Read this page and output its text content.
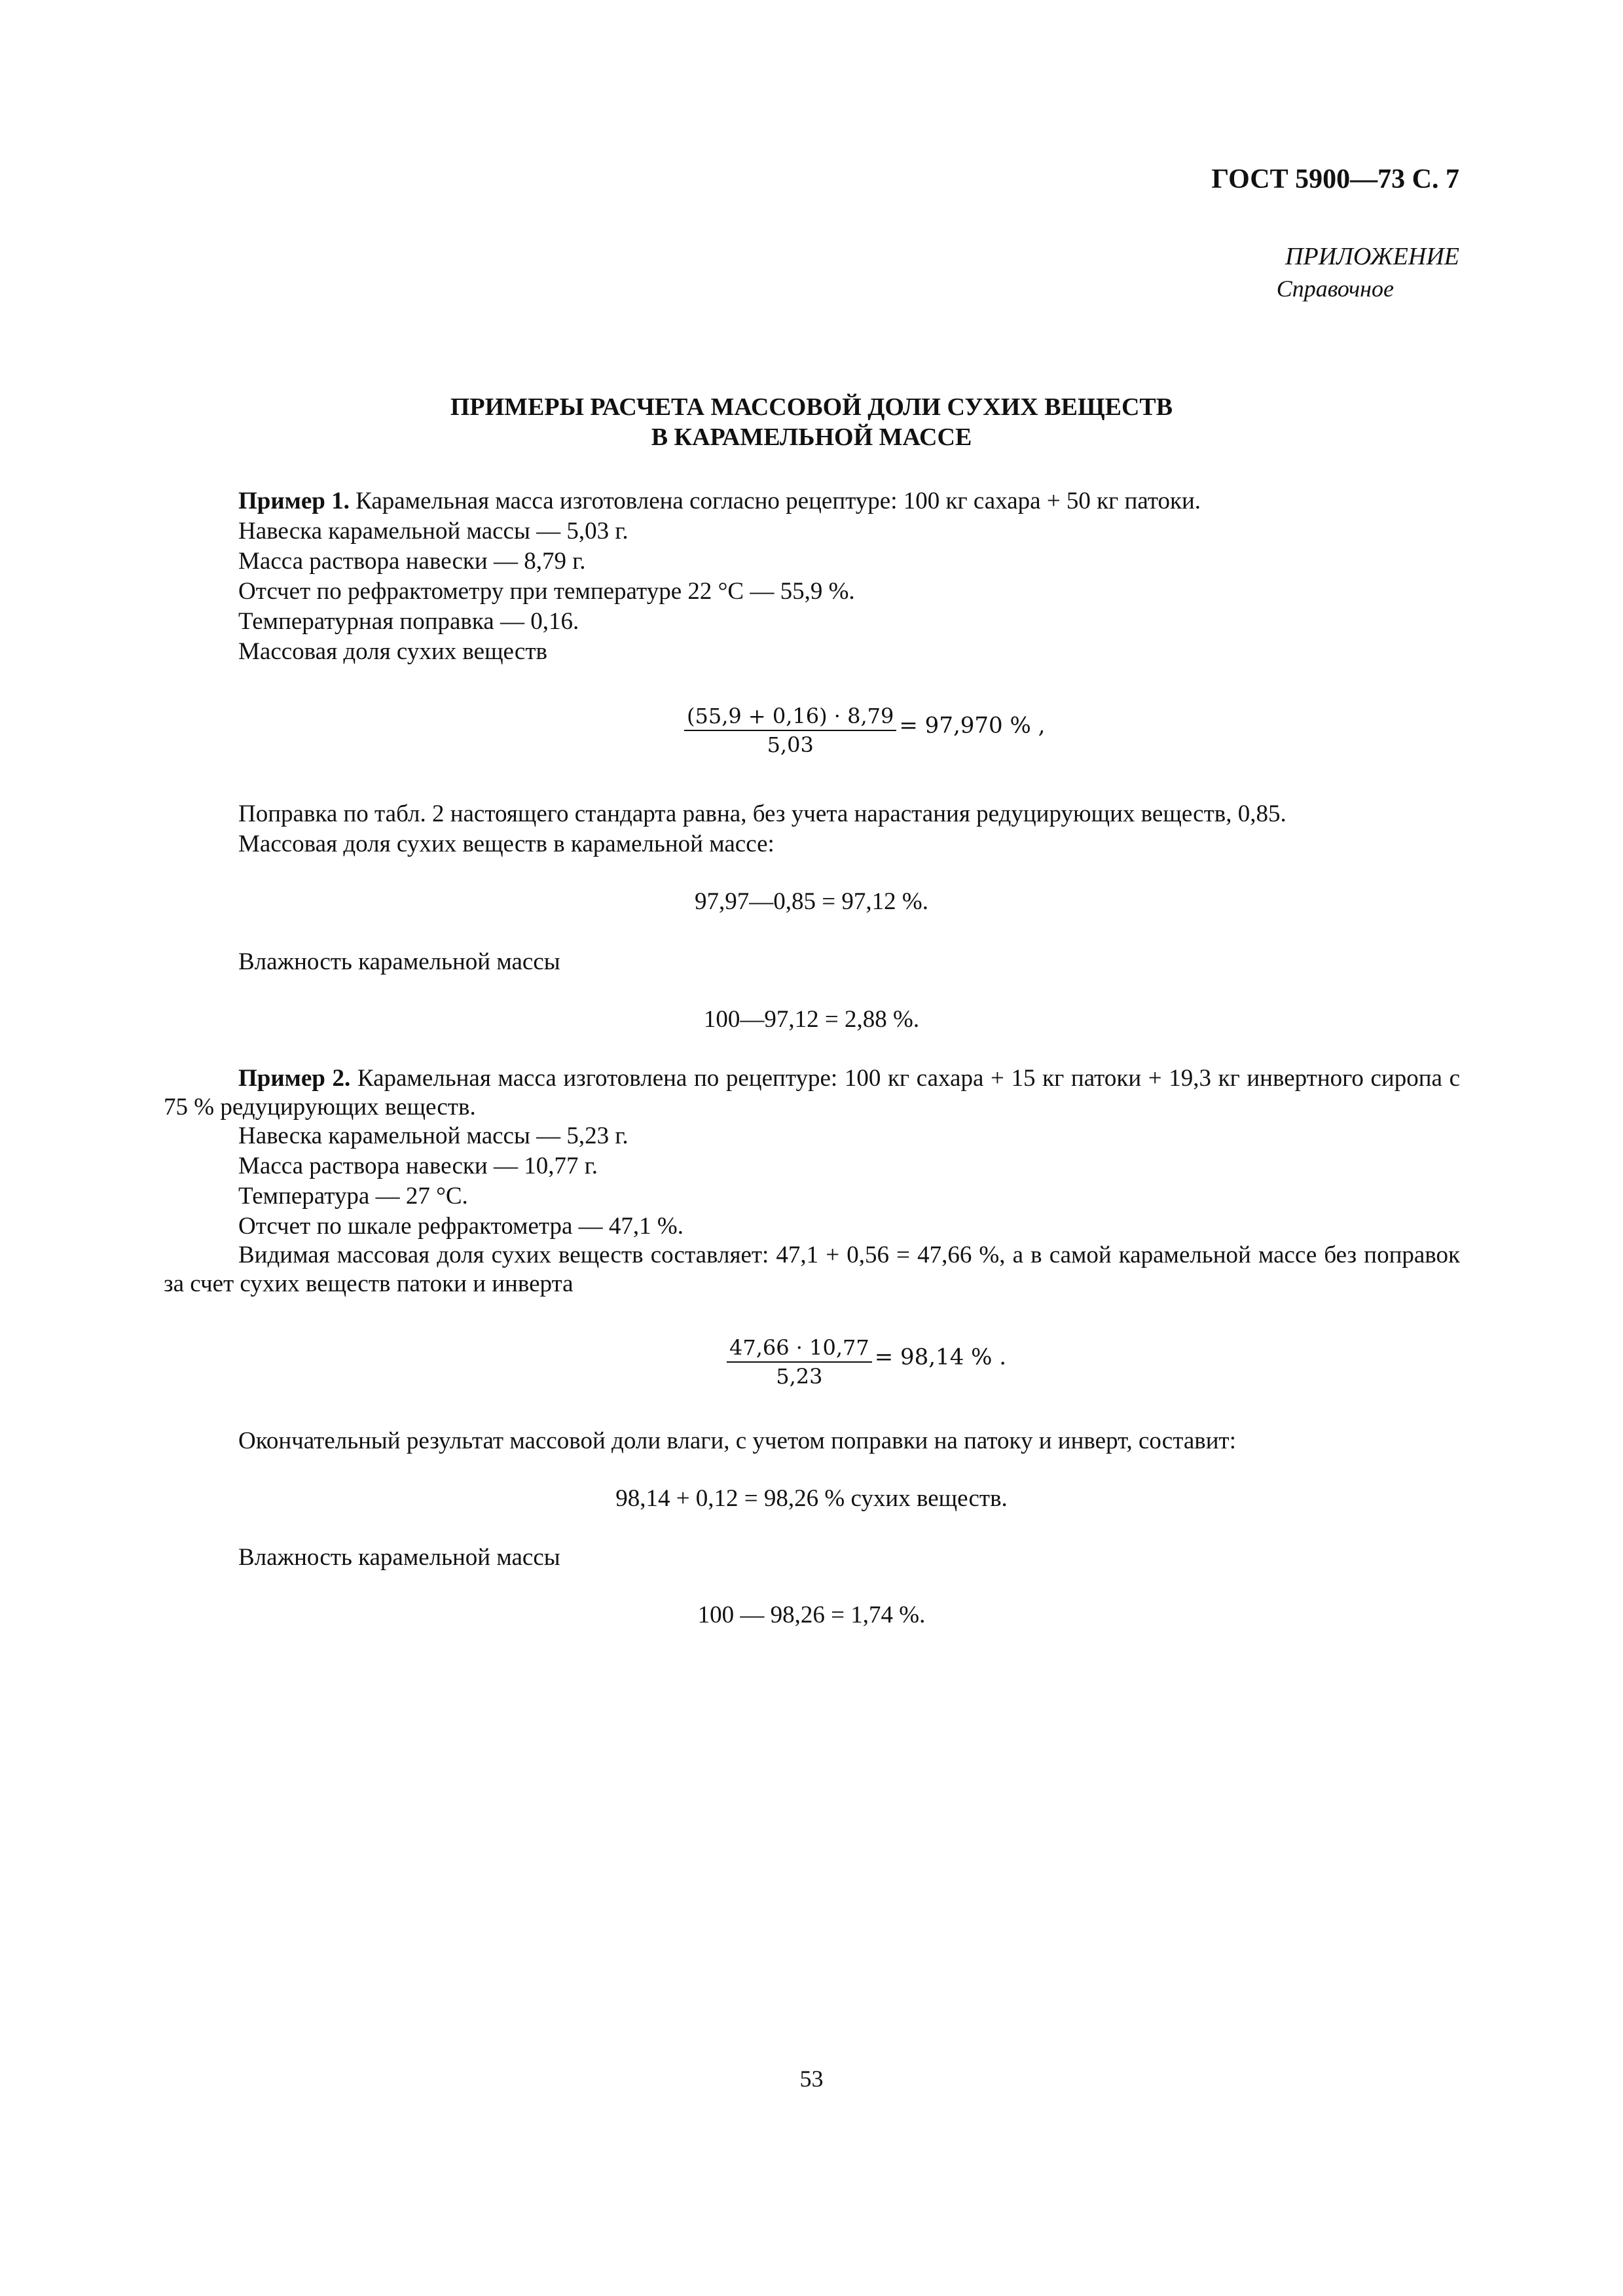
ГОСТ 5900—73 С. 7
ПРИЛОЖЕНИЕ
Справочное
ПРИМЕРЫ РАСЧЕТА МАССОВОЙ ДОЛИ СУХИХ ВЕЩЕСТВ
В КАРАМЕЛЬНОЙ МАССЕ
Пример 1. Карамельная масса изготовлена согласно рецептуре: 100 кг сахара + 50 кг патоки.
Навеска карамельной массы — 5,03 г.
Масса раствора навески — 8,79 г.
Отсчет по рефрактометру при температуре 22 °С — 55,9 %.
Температурная поправка — 0,16.
Массовая доля сухих веществ
$\frac{(55,9 + 0,16) \cdot 8,79}{5,03} = 97,970$ % ,
Поправка по табл. 2 настоящего стандарта равна, без учета нарастания редуцирующих веществ, 0,85.
Массовая доля сухих веществ в карамельной массе:
97,97—0,85 = 97,12 %.
Влажность карамельной массы
100—97,12 = 2,88 %.
Пример 2. Карамельная масса изготовлена по рецептуре: 100 кг сахара + 15 кг патоки + 19,3 кг инвертного сиропа с 75 % редуцирующих веществ.
Навеска карамельной массы — 5,23 г.
Масса раствора навески — 10,77 г.
Температура — 27 °С.
Отсчет по шкале рефрактометра — 47,1 %.
Видимая массовая доля сухих веществ составляет: 47,1 + 0,56 = 47,66 %, а в самой карамельной массе без поправок за счет сухих веществ патоки и инверта
$\frac{47,66 \cdot 10,77}{5,23} = 98,14$ % .
Окончательный результат массовой доли влаги, с учетом поправки на патоку и инверт, составит:
98,14 + 0,12 = 98,26 % сухих веществ.
Влажность карамельной массы
100 — 98,26 = 1,74 %.
53
